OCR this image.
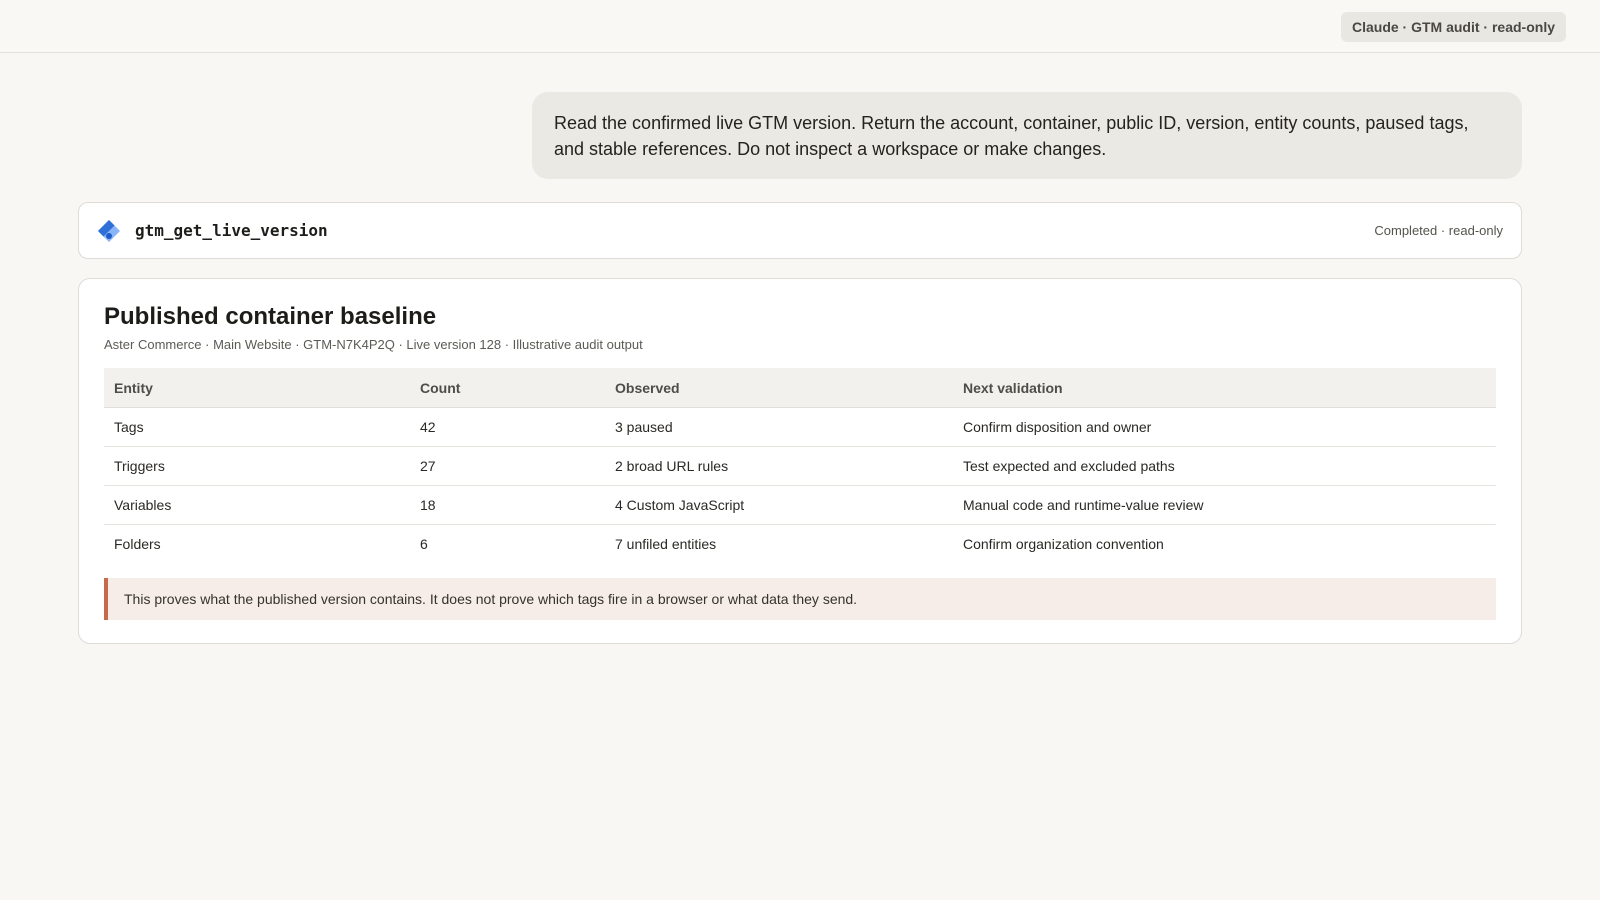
Claude · GTM audit · read-only
Read the confirmed live GTM version. Return the account, container, public ID, version, entity counts, paused tags, and stable references. Do not inspect a workspace or make changes.
gtm_get_live_version	Completed · read-only
Published container baseline
Aster Commerce · Main Website · GTM-N7K4P2Q · Live version 128 · Illustrative audit output
Entity	Count	Observed	Next validation
Tags	42	3 paused	Confirm disposition and owner
Triggers	27	2 broad URL rules	Test expected and excluded paths
Variables	18	4 Custom JavaScript	Manual code and runtime-value review
Folders	6	7 unfiled entities	Confirm organization convention
This proves what the published version contains. It does not prove which tags fire in a browser or what data they send.
